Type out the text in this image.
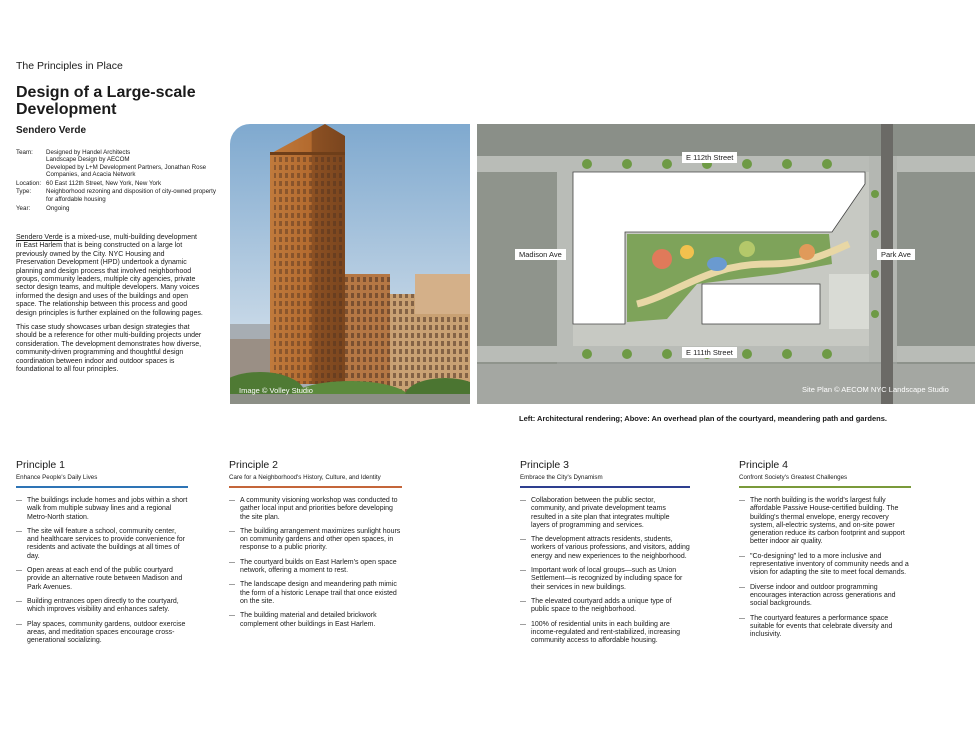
The Principles in Place
Design of a Large-scale Development
Sendero Verde
Team:	Designed by Handel Architects
Landscape Design by AECOM
Developed by L+M Development Partners, Jonathan Rose Companies, and Acacia Network
Location: 60 East 112th Street, New York, New York
Type:	Neighborhood rezoning and disposition of city-owned property for affordable housing
Year:	Ongoing

Sendero Verde is a mixed-use, multi-building development in East Harlem that is being constructed on a large lot previously owned by the City. NYC Housing and Preservation Development (HPD) undertook a dynamic planning and design process that involved neighborhood groups, community leaders, multiple city agencies, private sector design teams, and multiple developers. Many voices informed the design and uses of the buildings and open space. The relationship between this process and good design principles is further explained on the following pages.

This case study showcases urban design strategies that should be a reference for other multi-building projects under consideration. The development demonstrates how diverse, community-driven programming and thoughtful design coordination between indoor and outdoor spaces is foundational to all four principles.

Image © Volley Studio
E 112th Street
E 111th Street
Madison Ave	Park Ave
Site Plan © AECOM NYC Landscape Studio
Left: Architectural rendering; Above: An overhead plan of the courtyard, meandering path and gardens.
Principle 1
Enhance People's Daily Lives
— The buildings include homes and jobs within a short walk from multiple subway lines and a regional Metro-North station.
— The site will feature a school, community center, and healthcare services to provide convenience for residents and activate the buildings at all times of day.
— Open areas at each end of the public courtyard provide an alternative route between Madison and Park Avenues.
— Building entrances open directly to the courtyard, which improves visibility and enhances safety.
— Play spaces, community gardens, outdoor exercise areas, and meditation spaces encourage cross-generational socializing.
Principle 2
Care for a Neighborhood's History, Culture, and Identity
— A community visioning workshop was conducted to gather local input and priorities before developing the site plan.
— The building arrangement maximizes sunlight hours on community gardens and other open spaces, in response to a public priority.
— The courtyard builds on East Harlem's open space network, offering a moment to rest.
— The landscape design and meandering path mimic the form of a historic Lenape trail that once existed on the site.
— The building material and detailed brickwork complement other buildings in East Harlem.
Principle 3
Embrace the City's Dynamism
— Collaboration between the public sector, community, and private development teams resulted in a site plan that integrates multiple layers of programming and services.
— The development attracts residents, students, workers of various professions, and visitors, adding energy and new experiences to the neighborhood.
— Important work of local groups—such as Union Settlement—is recognized by including space for their services in new buildings.
— The elevated courtyard adds a unique type of public space to the neighborhood.
— 100% of residential units in each building are income-regulated and rent-stabilized, increasing community access to affordable housing.
Principle 4
Confront Society's Greatest Challenges
— The north building is the world's largest fully affordable Passive House-certified building. The building's thermal envelope, energy recovery system, all-electric systems, and on-site power generation reduce its carbon footprint and support better indoor air quality.
— "Co-designing" led to a more inclusive and representative inventory of community needs and a vision for adapting the site to meet focal demands.
— Diverse indoor and outdoor programming encourages interaction across generations and social backgrounds.
— The courtyard features a performance space suitable for events that celebrate diversity and inclusivity.
